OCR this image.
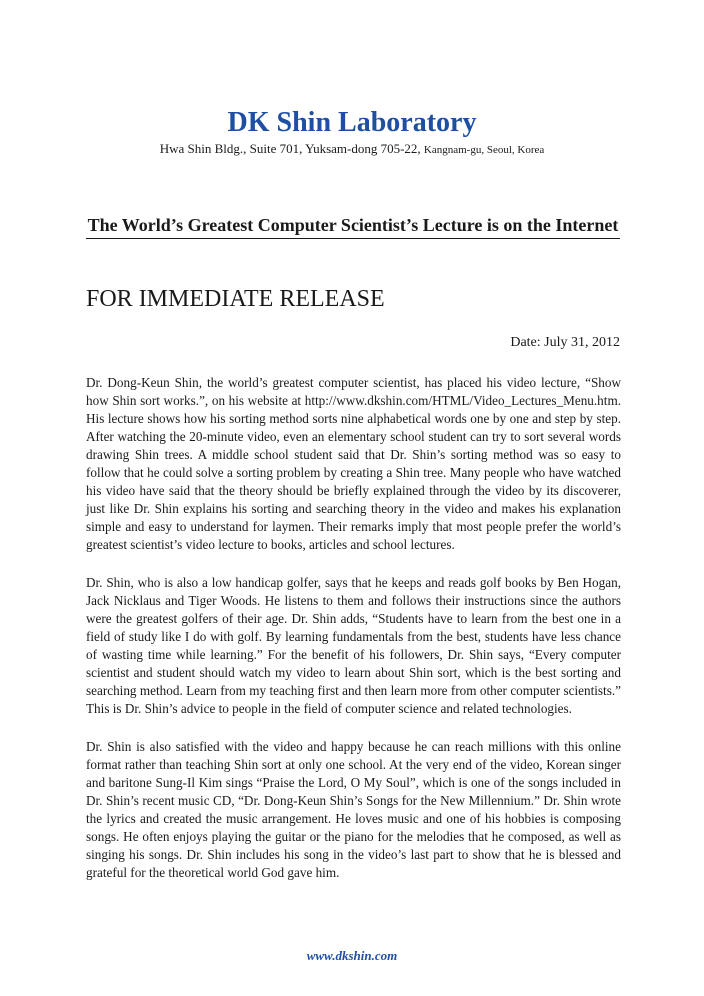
DK Shin Laboratory
Hwa Shin Bldg., Suite 701, Yuksam-dong 705-22, Kangnam-gu, Seoul, Korea
The World’s Greatest Computer Scientist’s Lecture is on the Internet
FOR IMMEDIATE RELEASE
Date: July 31, 2012

Dr. Dong-Keun Shin, the world’s greatest computer scientist, has placed his video lecture, “Show how Shin sort works.”, on his website at http://www.dkshin.com/HTML/Video_Lectures_Menu.htm. His lecture shows how his sorting method sorts nine alphabetical words one by one and step by step. After watching the 20-minute video, even an elementary school student can try to sort several words drawing Shin trees. A middle school student said that Dr. Shin’s sorting method was so easy to follow that he could solve a sorting problem by creating a Shin tree. Many people who have watched his video have said that the theory should be briefly explained through the video by its discoverer, just like Dr. Shin explains his sorting and searching theory in the video and makes his explanation simple and easy to understand for laymen. Their remarks imply that most people prefer the world’s greatest scientist’s video lecture to books, articles and school lectures.

Dr. Shin, who is also a low handicap golfer, says that he keeps and reads golf books by Ben Hogan, Jack Nicklaus and Tiger Woods. He listens to them and follows their instructions since the authors were the greatest golfers of their age. Dr. Shin adds, “Students have to learn from the best one in a field of study like I do with golf. By learning fundamentals from the best, students have less chance of wasting time while learning.” For the benefit of his followers, Dr. Shin says, “Every computer scientist and student should watch my video to learn about Shin sort, which is the best sorting and searching method. Learn from my teaching first and then learn more from other computer scientists.” This is Dr. Shin’s advice to people in the field of computer science and related technologies.

Dr. Shin is also satisfied with the video and happy because he can reach millions with this online format rather than teaching Shin sort at only one school. At the very end of the video, Korean singer and baritone Sung-Il Kim sings “Praise the Lord, O My Soul”, which is one of the songs included in Dr. Shin’s recent music CD, “Dr. Dong-Keun Shin’s Songs for the New Millennium.” Dr. Shin wrote the lyrics and created the music arrangement. He loves music and one of his hobbies is composing songs. He often enjoys playing the guitar or the piano for the melodies that he composed, as well as singing his songs. Dr. Shin includes his song in the video’s last part to show that he is blessed and grateful for the theoretical world God gave him.

www.dkshin.com
